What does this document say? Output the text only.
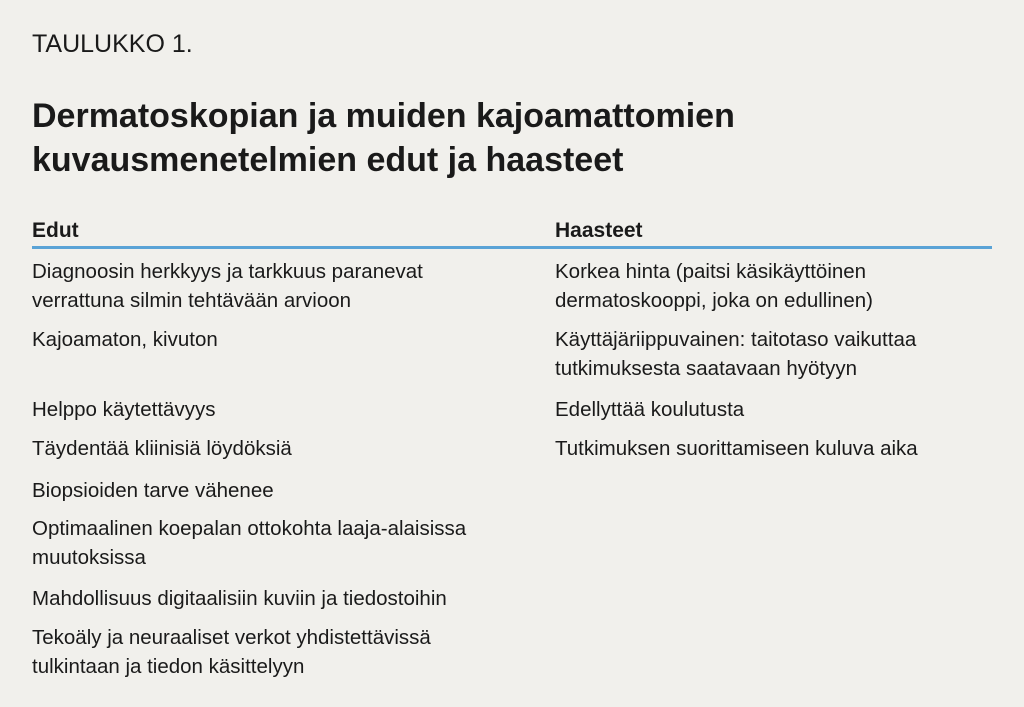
TAULUKKO 1.
Dermatoskopian ja muiden kajoamattomien
kuvausmenetelmien edut ja haasteet
Edut	Haasteet
Diagnoosin herkkyys ja tarkkuus paranevat
verrattuna silmin tehtävään arvioon
Kajoamaton, kivuton
Helppo käytettävyys
Täydentää kliinisiä löydöksiä
Biopsioiden tarve vähenee
Optimaalinen koepalan ottokohta laaja-alaisissa
muutoksissa
Mahdollisuus digitaalisiin kuviin ja tiedostoihin
Tekoäly ja neuraaliset verkot yhdistettävissä
tulkintaan ja tiedon käsittelyyn
Korkea hinta (paitsi käsikäyttöinen
dermatoskooppi, joka on edullinen)
Käyttäjäriippuvainen: taitotaso vaikuttaa
tutkimuksesta saatavaan hyötyyn
Edellyttää koulutusta
Tutkimuksen suorittamiseen kuluva aika
